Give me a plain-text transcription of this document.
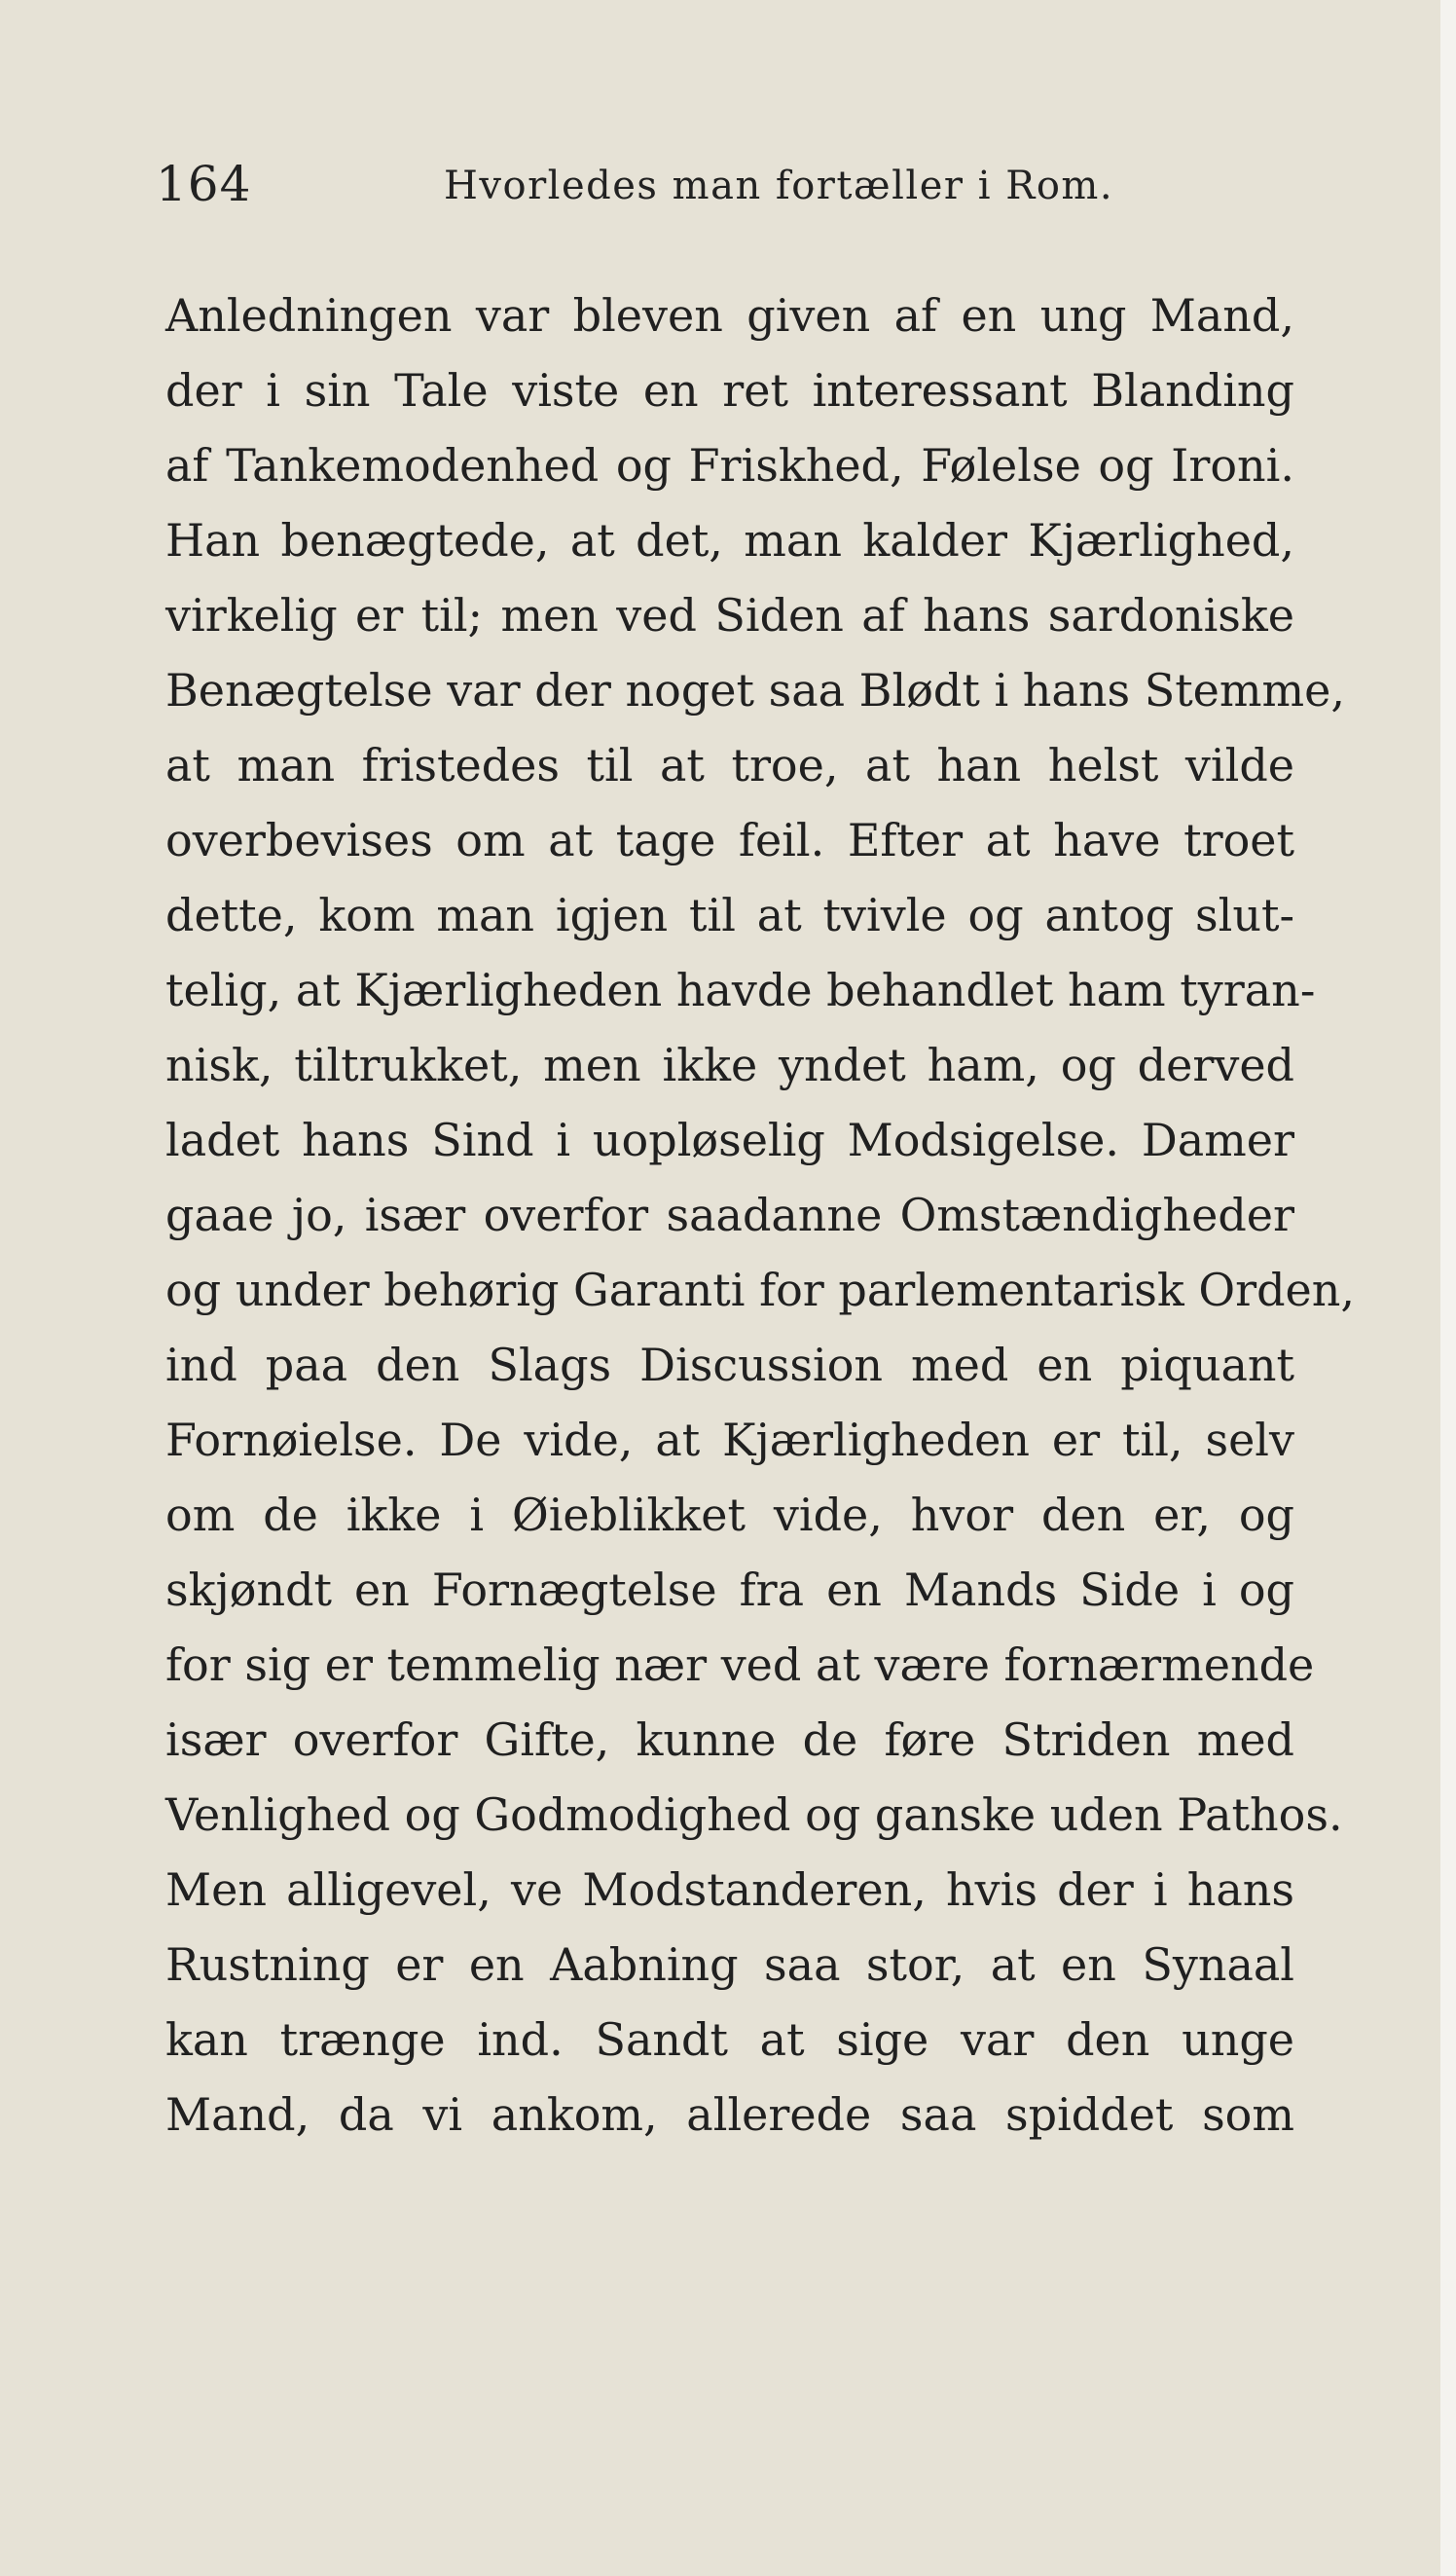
164	Hvorledes man fortæller i Rom.
Anledningen var bleven given af en ung Mand,
der i sin Tale viste en ret interessant Blanding
af Tankemodenhed og Friskhed, Følelse og Ironi.
Han benægtede, at det, man kalder Kjærlighed,
virkelig er til; men ved Siden af hans sardoniske
Benægtelse var der noget saa Blødt i hans Stemme,
at man fristedes til at troe, at han helst vilde
overbevises om at tage feil. Efter at have troet
dette, kom man igjen til at tvivle og antog slut-
telig, at Kjærligheden havde behandlet ham tyran-
nisk, tiltrukket, men ikke yndet ham, og derved
ladet hans Sind i uopløselig Modsigelse. Damer
gaae jo, især overfor saadanne Omstændigheder
og under behørig Garanti for parlementarisk Orden,
ind paa den Slags Discussion med en piquant
Fornøielse. De vide, at Kjærligheden er til, selv
om de ikke i Øieblikket vide, hvor den er, og
skjøndt en Fornægtelse fra en Mands Side i og
for sig er temmelig nær ved at være fornærmende
især overfor Gifte, kunne de føre Striden med
Venlighed og Godmodighed og ganske uden Pathos.
Men alligevel, ve Modstanderen, hvis der i hans
Rustning er en Aabning saa stor, at en Synaal
kan trænge ind. Sandt at sige var den unge
Mand, da vi ankom, allerede saa spiddet som
